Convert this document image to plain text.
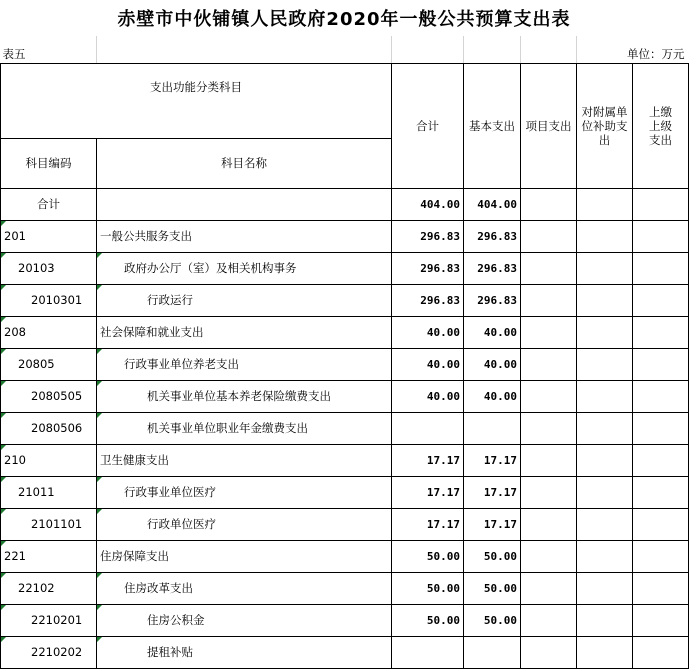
赤壁市中伙铺镇人民政府2020年一般公共预算支出表
表五					单位：万元	
支出功能分类科目		合计	基本支出	项目支出	对附属单位补助支出	上缴上级支出
科目编码	科目名称					
合计		404.00	404.00			
201	一般公共服务支出	296.83	296.83			
20103	政府办公厅（室）及相关机构事务	296.83	296.83			
2010301	行政运行	296.83	296.83			
208	社会保障和就业支出	40.00	40.00			
20805	行政事业单位养老支出	40.00	40.00			
2080505	机关事业单位基本养老保险缴费支出	40.00	40.00			
2080506	机关事业单位职业年金缴费支出					
210	卫生健康支出	17.17	17.17			
21011	行政事业单位医疗	17.17	17.17			
2101101	行政单位医疗	17.17	17.17			
221	住房保障支出	50.00	50.00			
22102	住房改革支出	50.00	50.00			
2210201	住房公积金	50.00	50.00			
2210202	提租补贴					
